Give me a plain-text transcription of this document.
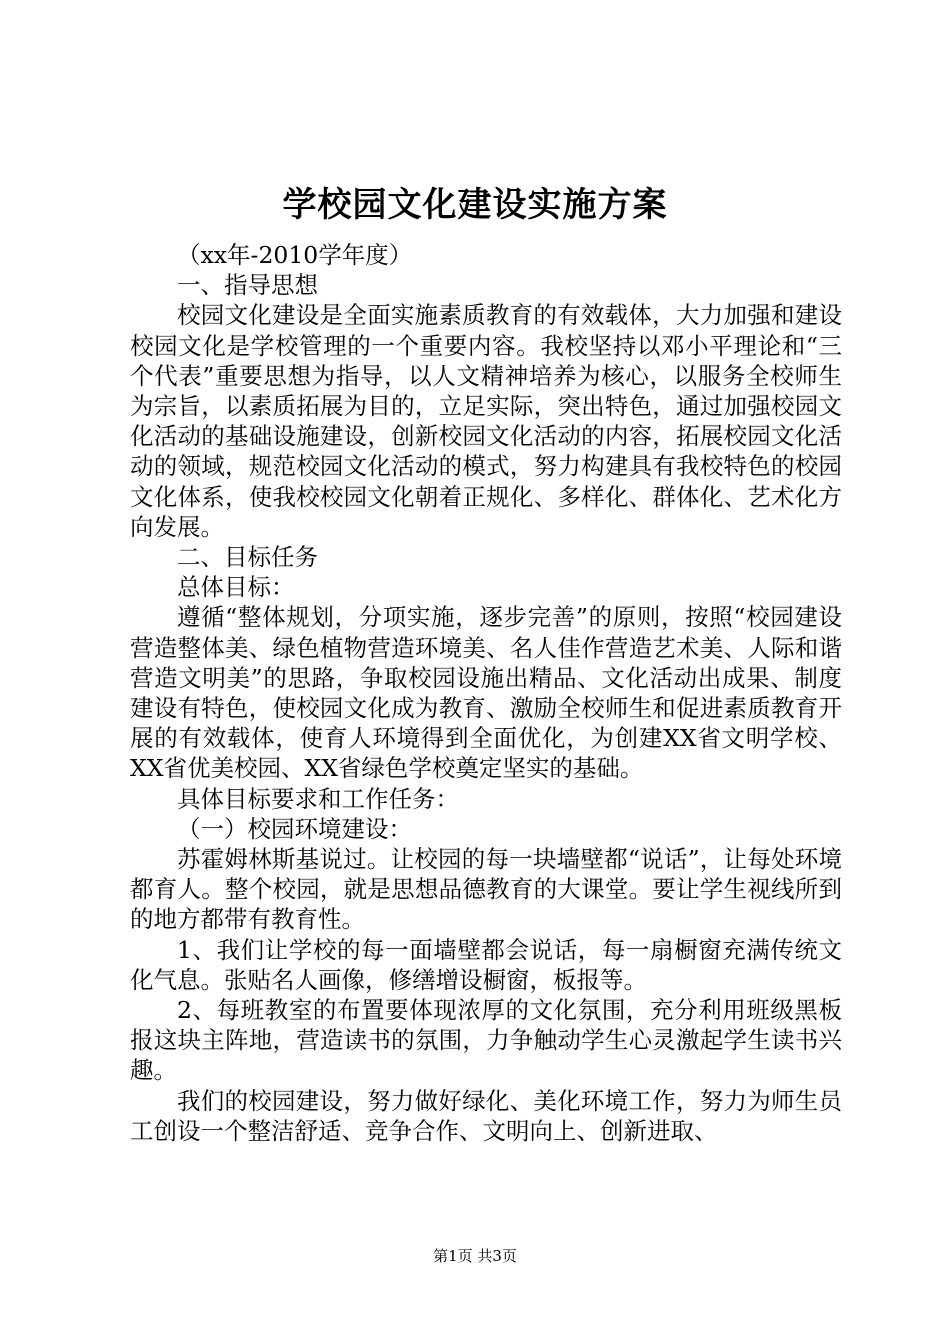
学校园文化建设实施方案

（xx年-2010学年度）

一、指导思想

校园文化建设是全面实施素质教育的有效载体，大力加强和建设校园文化是学校管理的一个重要内容。我校坚持以邓小平理论和“三个代表”重要思想为指导，以人文精神培养为核心，以服务全校师生为宗旨，以素质拓展为目的，立足实际，突出特色，通过加强校园文化活动的基础设施建设，创新校园文化活动的内容，拓展校园文化活动的领域，规范校园文化活动的模式，努力构建具有我校特色的校园文化体系，使我校校园文化朝着正规化、多样化、群体化、艺术化方向发展。

二、目标任务

总体目标：

遵循“整体规划，分项实施，逐步完善”的原则，按照“校园建设营造整体美、绿色植物营造环境美、名人佳作营造艺术美、人际和谐营造文明美”的思路，争取校园设施出精品、文化活动出成果、制度建设有特色，使校园文化成为教育、激励全校师生和促进素质教育开展的有效载体，使育人环境得到全面优化，为创建XX省文明学校、XX省优美校园、XX省绿色学校奠定坚实的基础。

具体目标要求和工作任务：

（一）校园环境建设：

苏霍姆林斯基说过。让校园的每一块墙壁都“说话”，让每处环境都育人。整个校园，就是思想品德教育的大课堂。要让学生视线所到的地方都带有教育性。

1、我们让学校的每一面墙壁都会说话，每一扇橱窗充满传统文化气息。张贴名人画像，修缮增设橱窗，板报等。

2、每班教室的布置要体现浓厚的文化氛围，充分利用班级黑板报这块主阵地，营造读书的氛围，力争触动学生心灵激起学生读书兴趣。

我们的校园建设，努力做好绿化、美化环境工作，努力为师生员工创设一个整洁舒适、竞争合作、文明向上、创新进取、

第1页 共3页
